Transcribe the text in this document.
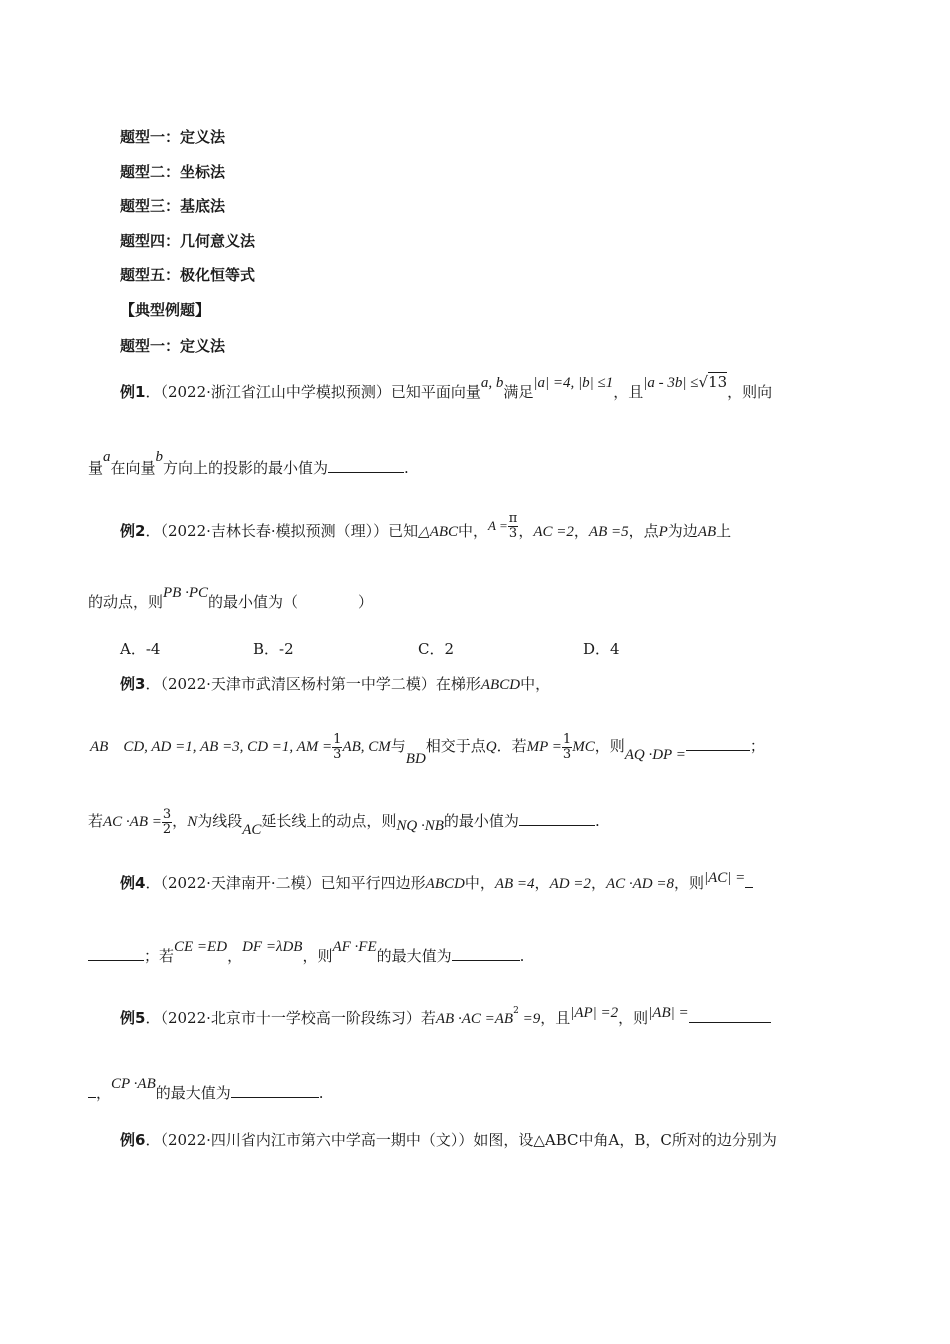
题型一：定义法
题型二：坐标法
题型三：基底法
题型四：几何意义法
题型五：极化恒等式
【典型例题】
题型一：定义法
例1．（2022·浙江省江山中学模拟预测）已知平面向量a, b满足|a| =4, |b| ≤1，且|a - 3b| ≤√13，则向
量a在向量b方向上的投影的最小值为	.
例2．（2022·吉林长春·模拟预测（理））已知△ABC中，$A = \frac{\pi}{3}$ ，AC =2，AB =5，点P为边AB上
的动点，则PB ·PC的最小值为（　　　　）
A．-4	B．-2	C．2	D．4
例3．（2022·天津市武清区杨村第一中学二模）在梯形ABCD中，
AB　CD, AD =1, AB =3, CD =1, AM = $\frac{1}{3}$ AB, CM与BD相交于点Q．若MP = $\frac{1}{3}$ MC，则AQ ·DP =	；
若AC $\cdot AB = \frac{3}{2}$ ，N为线段AC延长线上的动点，则NQ ·NB的最小值为	.
例4．（2022·天津南开·二模）已知平行四边形ABCD中，AB =4，AD =2，AC ·AD =8，则|AC| =
；若CE =ED，DF =λDB，则AF ·FE的最大值为	.
例5．（2022·北京市十一学校高一阶段练习）若AB $\cdot AC =AB^2 =9$，且|AP| =2，则|AB| =
，CP ·AB的最大值为	.
例6．（2022·四川省内江市第六中学高一期中（文））如图，设△ABC中角A，B，C所对的边分别为
